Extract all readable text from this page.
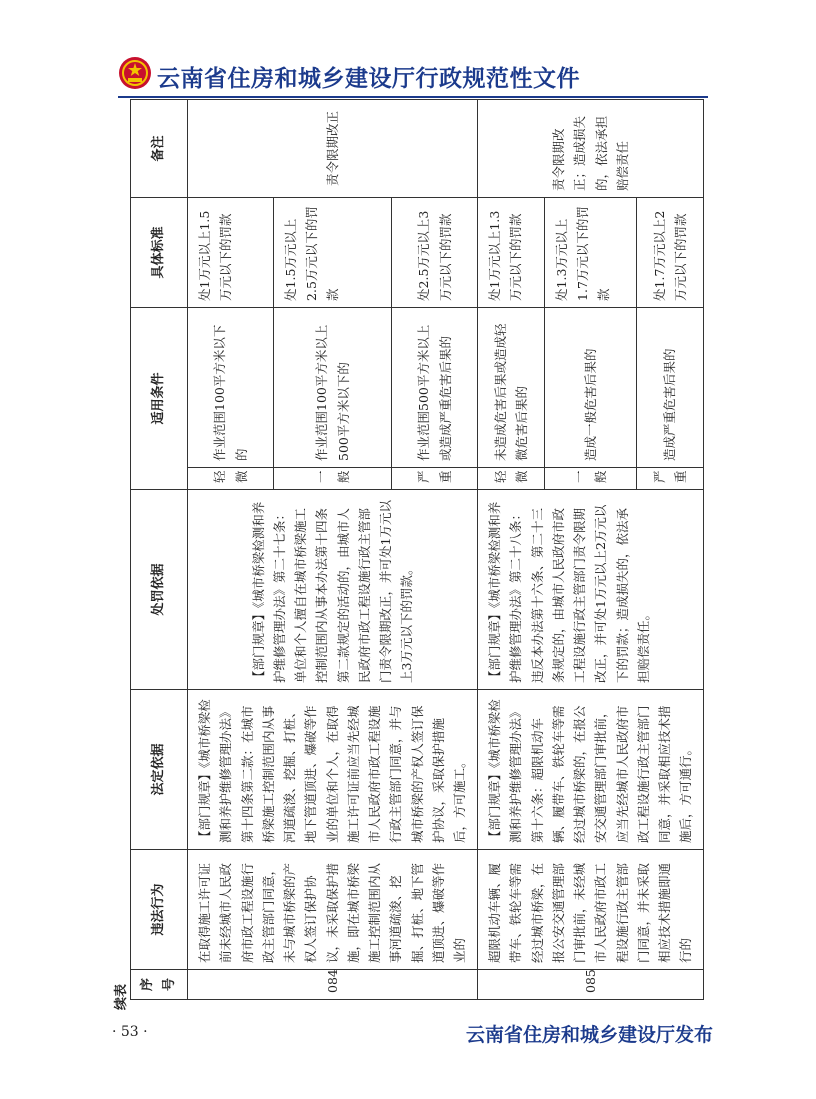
云南省住房和城乡建设厅行政规范性文件
续表 序号	违法行为	法定依据	处罚依据	适用条件		具体标准	备注
084	在取得施工许可证前未经城市人民政府市政工程设施行政主管部门同意，未与城市桥梁的产权人签订保护协议，未采取保护措施，即在城市桥梁施工控制范围内从事河道疏浚、挖掘、打桩、地下管道顶进、爆破等作业的	【部门规章】《城市桥梁检测和养护维修管理办法》第十四条第二款：在城市桥梁施工控制范围内从事河道疏浚、挖掘、打桩、地下管道顶进、爆破等作业的单位和个人，在取得施工许可证前应当先经城市人民政府市政工程设施行政主管部门同意，并与城市桥梁的产权人签订保护协议，采取保护措施后，方可施工。	【部门规章】《城市桥梁检测和养护维修管理办法》第二十七条：单位和个人擅自在城市桥梁施工控制范围内从事本办法第十四条第二款规定的活动的，由城市人民政府市政工程设施行政主管部门责令限期改正，并可处1万元以上3万元以下的罚款。	轻微	作业范围100平方米以下的	处1万元以上1.5万元以下的罚款	责令限期改正
				一般	作业范围100平方米以上500平方米以下的	处1.5万元以上2.5万元以下的罚款	
				严重	作业范围500平方米以上或造成严重危害后果的	处2.5万元以上3万元以下的罚款	
085	超限机动车辆、履带车、铁轮车等需经过城市桥梁，在报公安交通管理部门审批前，未经城市人民政府市政工程设施行政主管部门同意，并未采取相应技术措施即通行的	【部门规章】《城市桥梁检测和养护维修管理办法》第十六条：超限机动车辆、履带车、铁轮车等需经过城市桥梁的，在报公安交通管理部门审批前，应当先经城市人民政府市政工程设施行政主管部门同意，并采取相应技术措施后，方可通行。	【部门规章】《城市桥梁检测和养护维修管理办法》第二十八条：违反本办法第十六条、第二十三条规定的，由城市人民政府市政工程设施行政主管部门责令限期改正，并可处1万元以上2万元以下的罚款；造成损失的，依法承担赔偿责任。	轻微	未造成危害后果或造成轻微危害后果的	处1万元以上1.3万元以下的罚款	责令限期改正；造成损失的，依法承担赔偿责任
				一般	造成一般危害后果的	处1.3万元以上1.7万元以下的罚款	
				严重	造成严重危害后果的	处1.7万元以上2万元以下的罚款	
· 53 ·	云南省住房和城乡建设厅发布
